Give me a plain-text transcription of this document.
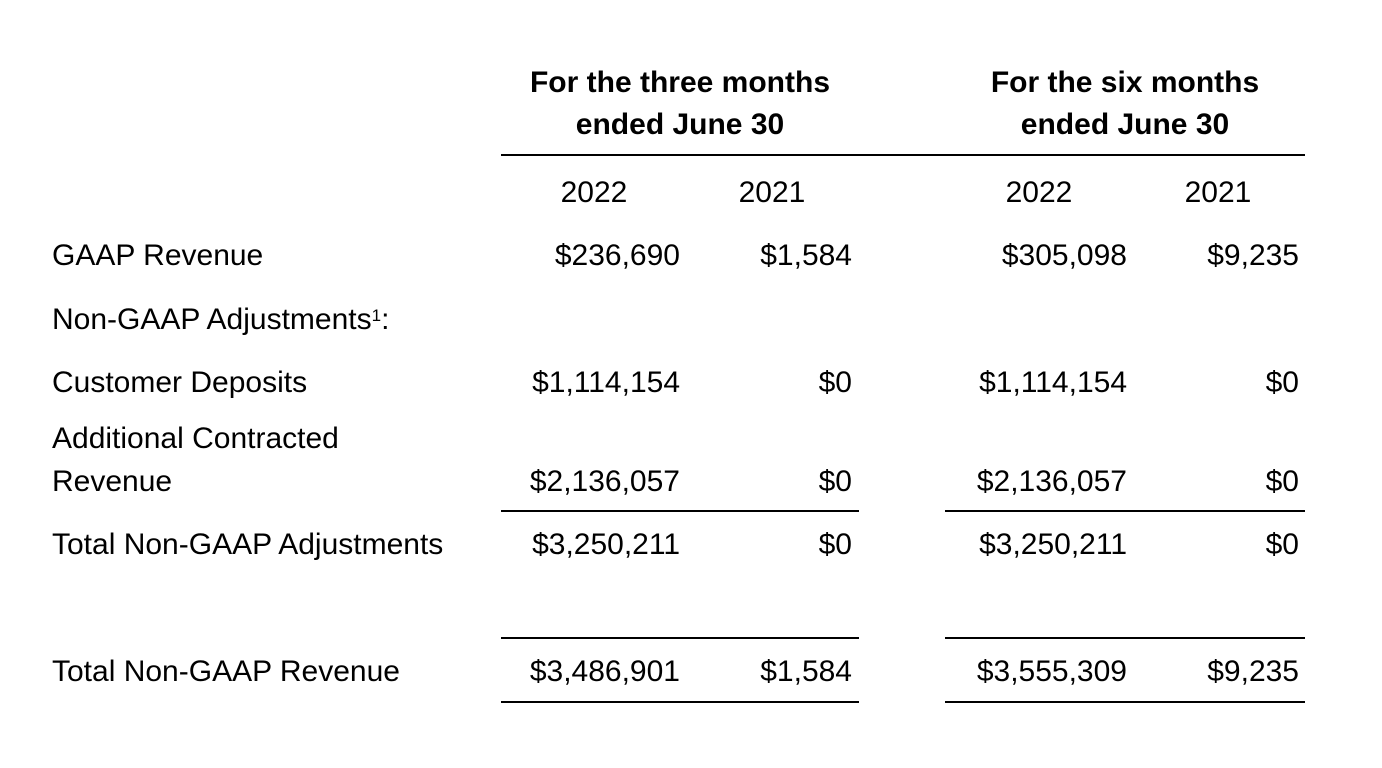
For the three months ended June 30
For the six months ended June 30
2022	2021	2022	2021
GAAP Revenue	$236,690	$1,584	$305,098	$9,235
Non-GAAP Adjustments$^1$:
Customer Deposits	$1,114,154	$0	$1,114,154	$0
Additional Contracted
Revenue	$2,136,057	$0	$2,136,057	$0
Total Non-GAAP Adjustments	$3,250,211	$0	$3,250,211	$0
Total Non-GAAP Revenue	$3,486,901	$1,584	$3,555,309	$9,235
